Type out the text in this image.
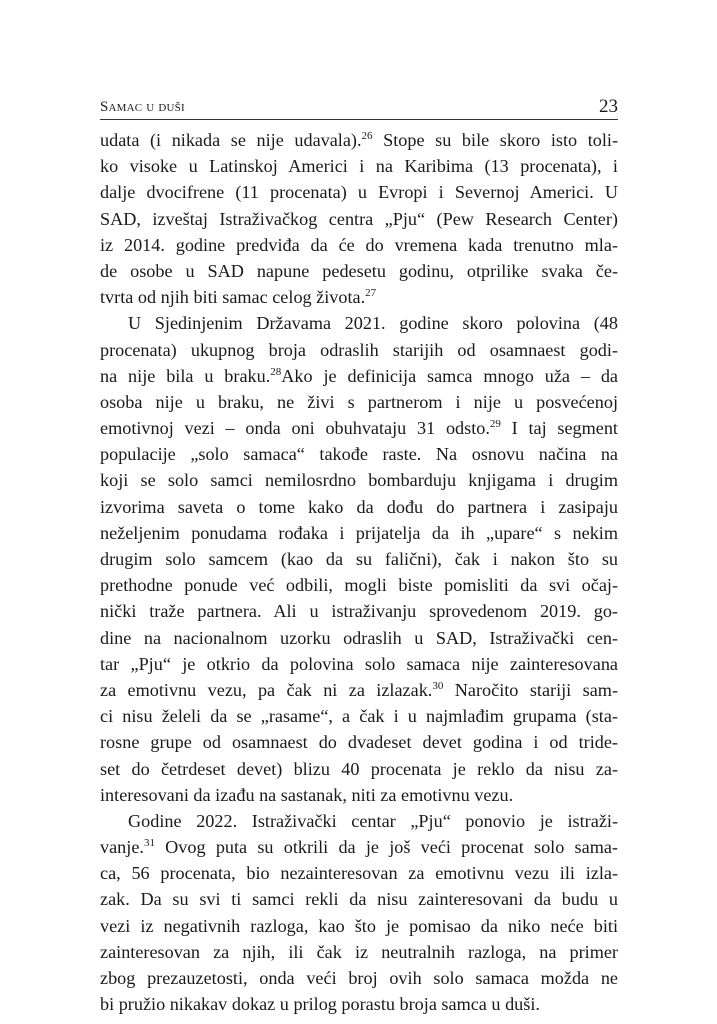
Samac u duši	23
udata (i nikada se nije udavala).$^{26}$ Stope su bile skoro isto toli-
ko visoke u Latinskoj Americi i na Karibima (13 procenata), i
dalje dvocifrene (11 procenata) u Evropi i Severnoj Americi. U
SAD, izveštaj Istraživačkog centra „Pju“ (Pew Research Center)
iz 2014. godine predviđa da će do vremena kada trenutno mla-
de osobe u SAD napune pedesetu godinu, otprilike svaka če-
tvrta od njih biti samac celog života.$^{27}$
U Sjedinjenim Državama 2021. godine skoro polovina (48
procenata) ukupnog broja odraslih starijih od osamnaest godi-
na nije bila u braku.$^{28}$Ako je definicija samca mnogo uža – da
osoba nije u braku, ne živi s partnerom i nije u posvećenoj
emotivnoj vezi – onda oni obuhvataju 31 odsto.$^{29}$ I taj segment
populacije „solo samaca“ takođe raste. Na osnovu načina na
koji se solo samci nemilosrdno bombarduju knjigama i drugim
izvorima saveta o tome kako da dođu do partnera i zasipaju
neželjenim ponudama rođaka i prijatelja da ih „upare“ s nekim
drugim solo samcem (kao da su falični), čak i nakon što su
prethodne ponude već odbili, mogli biste pomisliti da svi očaj-
nički traže partnera. Ali u istraživanju sprovedenom 2019. go-
dine na nacionalnom uzorku odraslih u SAD, Istraživački cen-
tar „Pju“ je otkrio da polovina solo samaca nije zainteresovana
za emotivnu vezu, pa čak ni za izlazak.$^{30}$ Naročito stariji sam-
ci nisu želeli da se „rasame“, a čak i u najmlađim grupama (sta-
rosne grupe od osamnaest do dvadeset devet godina i od tride-
set do četrdeset devet) blizu 40 procenata je reklo da nisu za-
interesovani da izađu na sastanak, niti za emotivnu vezu.
Godine 2022. Istraživački centar „Pju“ ponovio je istraži-
vanje.$^{31}$ Ovog puta su otkrili da je još veći procenat solo sama-
ca, 56 procenata, bio nezainteresovan za emotivnu vezu ili izla-
zak. Da su svi ti samci rekli da nisu zainteresovani da budu u
vezi iz negativnih razloga, kao što je pomisao da niko neće biti
zainteresovan za njih, ili čak iz neutralnih razloga, na primer
zbog prezauzetosti, onda veći broj ovih solo samaca možda ne
bi pružio nikakav dokaz u prilog porastu broja samca u duši.
